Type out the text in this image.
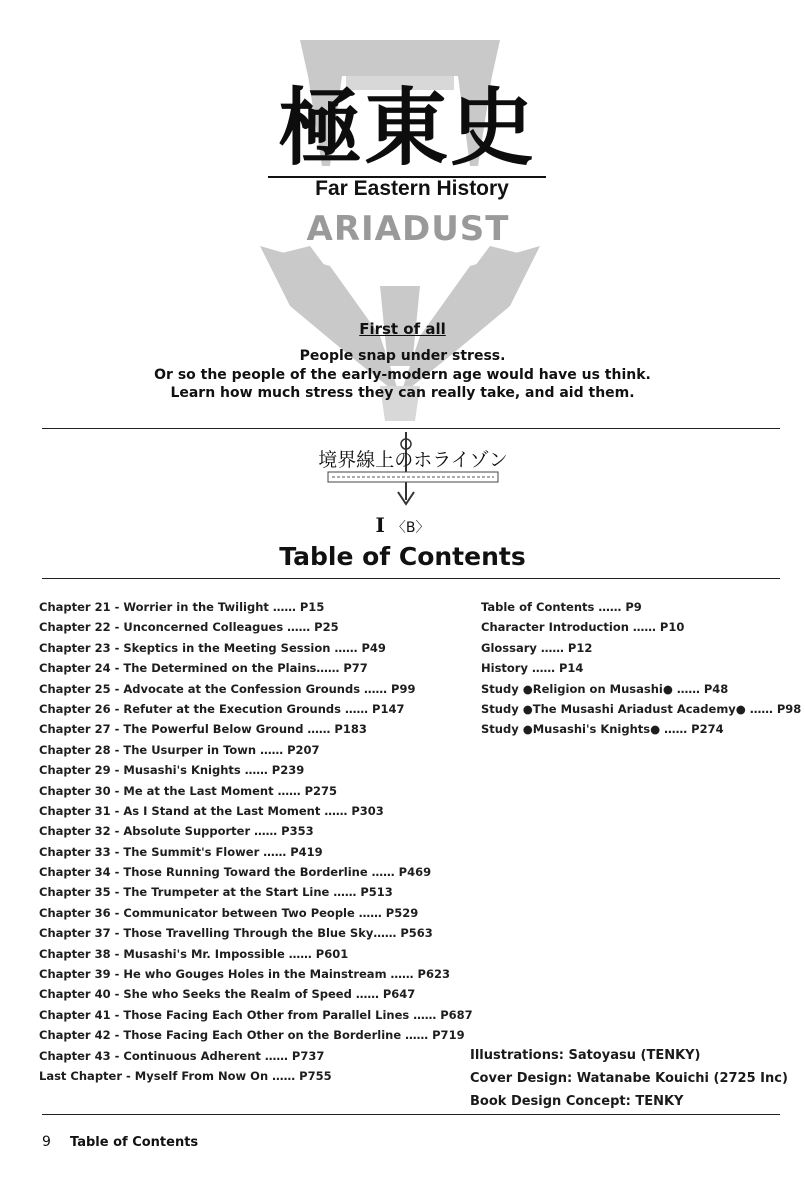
極東史
Far Eastern History
ARIADUST
First of all
People snap under stress.
Or so the people of the early-modern age would have us think.
Learn how much stress they can really take, and aid them.
境界線上のホライゾン
I 〈B〉
Table of Contents
Chapter 21 - Worrier in the Twilight …… P15
Chapter 22 - Unconcerned Colleagues …… P25
Chapter 23 - Skeptics in the Meeting Session …… P49
Chapter 24 - The Determined on the Plains…… P77
Chapter 25 - Advocate at the Confession Grounds …… P99
Chapter 26 - Refuter at the Execution Grounds …… P147
Chapter 27 - The Powerful Below Ground …… P183
Chapter 28 - The Usurper in Town …… P207
Chapter 29 - Musashi's Knights …… P239
Chapter 30 - Me at the Last Moment …… P275
Chapter 31 - As I Stand at the Last Moment …… P303
Chapter 32 - Absolute Supporter …… P353
Chapter 33 - The Summit's Flower …… P419
Chapter 34 - Those Running Toward the Borderline …… P469
Chapter 35 - The Trumpeter at the Start Line …… P513
Chapter 36 - Communicator between Two People …… P529
Chapter 37 - Those Travelling Through the Blue Sky…… P563
Chapter 38 - Musashi's Mr. Impossible …… P601
Chapter 39 - He who Gouges Holes in the Mainstream …… P623
Chapter 40 - She who Seeks the Realm of Speed …… P647
Chapter 41 - Those Facing Each Other from Parallel Lines …… P687
Chapter 42 - Those Facing Each Other on the Borderline …… P719
Chapter 43 - Continuous Adherent …… P737
Last Chapter - Myself From Now On …… P755
Table of Contents …… P9
Character Introduction …… P10
Glossary …… P12
History …… P14
Study ●Religion on Musashi● …… P48
Study ●The Musashi Ariadust Academy● …… P98
Study ●Musashi's Knights● …… P274
Illustrations: Satoyasu (TENKY)
Cover Design: Watanabe Kouichi (2725 Inc)
Book Design Concept: TENKY
9 Table of Contents
